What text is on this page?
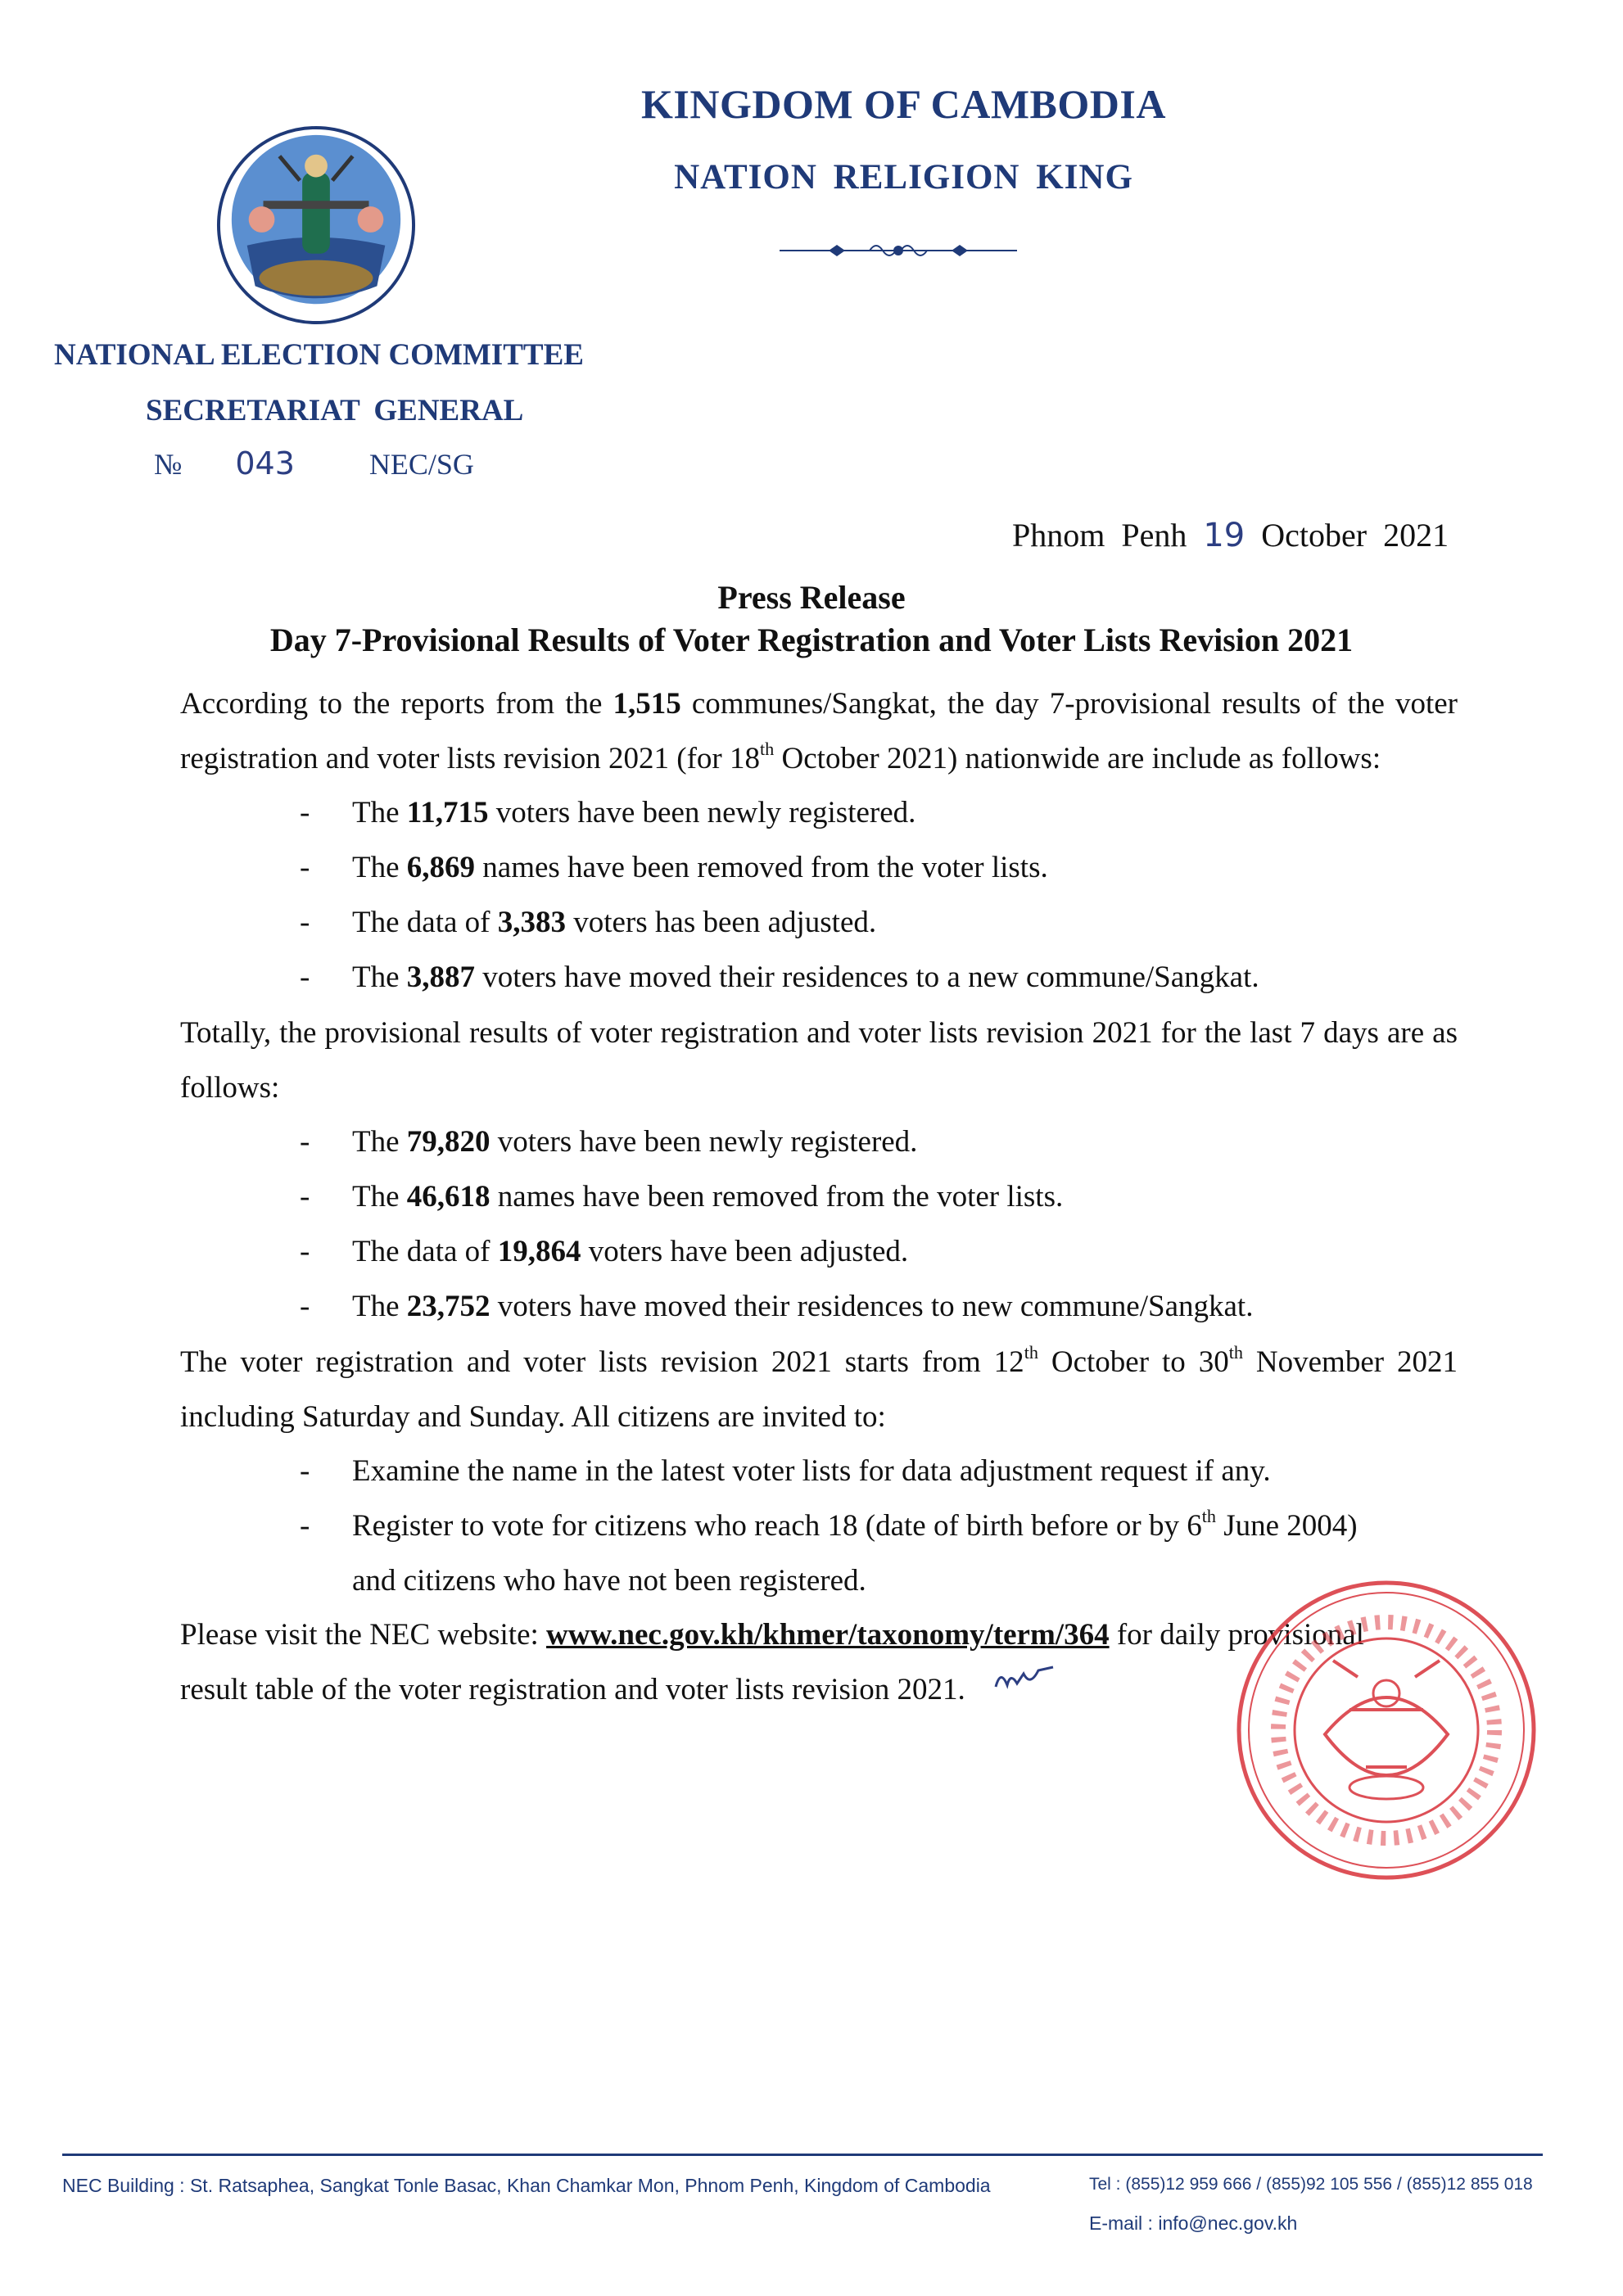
KINGDOM OF CAMBODIA
NATION RELIGION KING
NATIONAL ELECTION COMMITTEE
SECRETARIAT GENERAL
№ 043	NEC/SG
Phnom Penh 19 October 2021
Press Release
Day 7-Provisional Results of Voter Registration and Voter Lists Revision 2021

According to the reports from the 1,515 communes/Sangkat, the day 7-provisional results of the voter registration and voter lists revision 2021 (for 18th October 2021) nationwide are include as follows:

- The 11,715 voters have been newly registered.
- The 6,869 names have been removed from the voter lists.
- The data of 3,383 voters has been adjusted.
- The 3,887 voters have moved their residences to a new commune/Sangkat.

Totally, the provisional results of voter registration and voter lists revision 2021 for the last 7 days are as follows:

- The 79,820 voters have been newly registered.
- The 46,618 names have been removed from the voter lists.
- The data of 19,864 voters have been adjusted.
- The 23,752 voters have moved their residences to new commune/Sangkat.

The voter registration and voter lists revision 2021 starts from 12th October to 30th November 2021 including Saturday and Sunday. All citizens are invited to:

- Examine the name in the latest voter lists for data adjustment request if any.
- Register to vote for citizens who reach 18 (date of birth before or by 6th June 2004)
and citizens who have not been registered.
Please visit the NEC website: www.nec.gov.kh/khmer/taxonomy/term/364 for daily provisional
result table of the voter registration and voter lists revision 2021.
NEC Building : St. Ratsaphea, Sangkat Tonle Basac, Khan Chamkar Mon, Phnom Penh, Kingdom of Cambodia	Tel : (855)12 959 666 / (855)92 105 556 / (855)12 855 018
E-mail : info@nec.gov.kh
